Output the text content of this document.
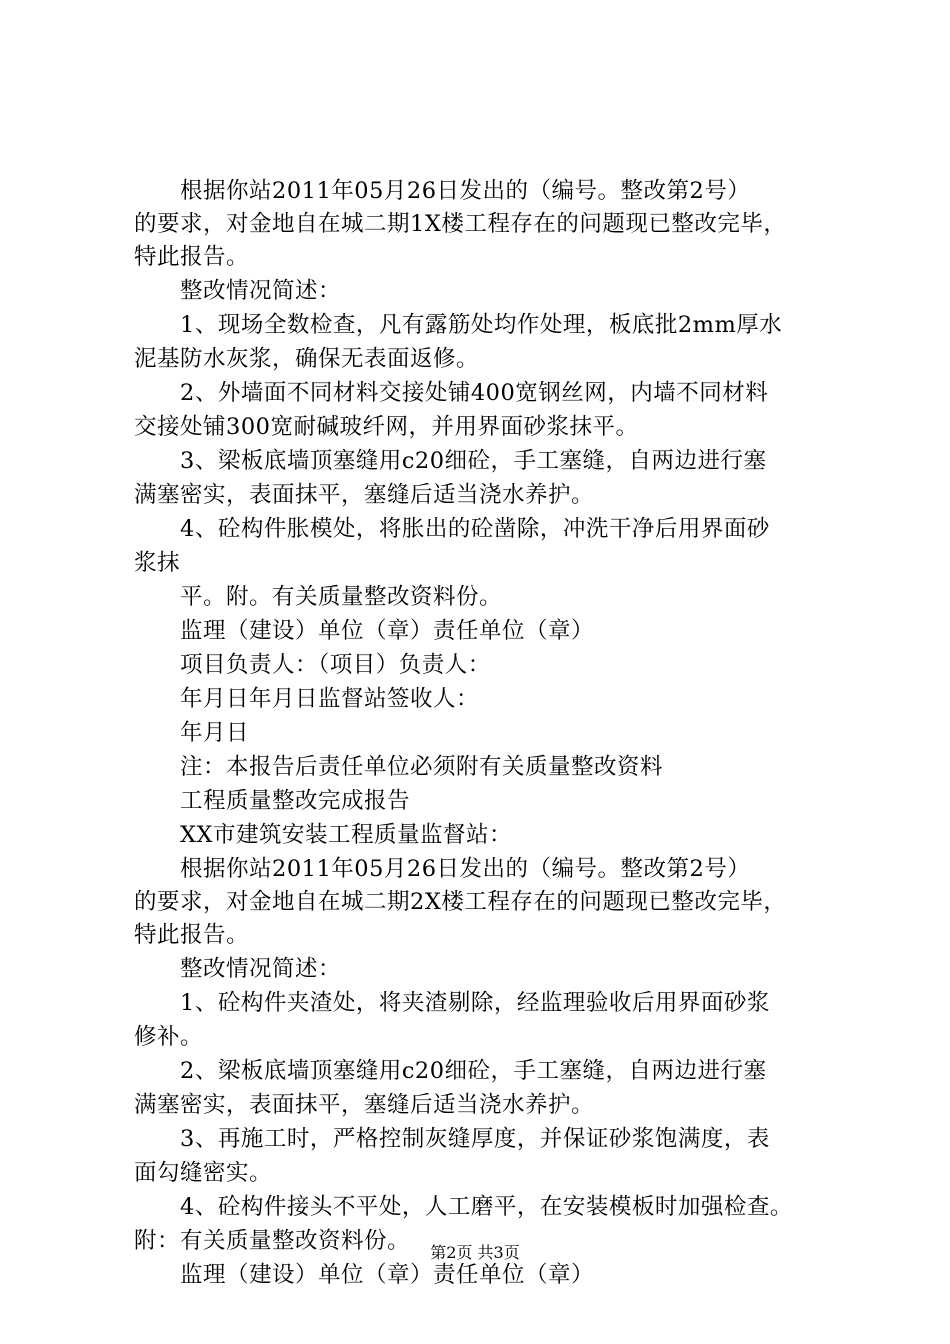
根据你站2011年05月26日发出的（编号。整改第2号）
的要求，对金地自在城二期1X楼工程存在的问题现已整改完毕，
特此报告。
整改情况简述：
1、现场全数检查，凡有露筋处均作处理，板底批2mm厚水
泥基防水灰浆，确保无表面返修。
2、外墙面不同材料交接处铺400宽钢丝网，内墙不同材料
交接处铺300宽耐碱玻纤网，并用界面砂浆抹平。
3、梁板底墙顶塞缝用c20细砼，手工塞缝，自两边进行塞
满塞密实，表面抹平，塞缝后适当浇水养护。
4、砼构件胀模处，将胀出的砼凿除，冲洗干净后用界面砂
浆抹
平。附。有关质量整改资料份。
监理（建设）单位（章）责任单位（章）
项目负责人：（项目）负责人：
年月日年月日监督站签收人：
年月日
注：本报告后责任单位必须附有关质量整改资料
工程质量整改完成报告
XX市建筑安装工程质量监督站：
根据你站2011年05月26日发出的（编号。整改第2号）
的要求，对金地自在城二期2X楼工程存在的问题现已整改完毕，
特此报告。
整改情况简述：
1、砼构件夹渣处，将夹渣剔除，经监理验收后用界面砂浆
修补。
2、梁板底墙顶塞缝用c20细砼，手工塞缝，自两边进行塞
满塞密实，表面抹平，塞缝后适当浇水养护。
3、再施工时，严格控制灰缝厚度，并保证砂浆饱满度，表
面勾缝密实。
4、砼构件接头不平处，人工磨平，在安装模板时加强检查。
附：有关质量整改资料份。
监理（建设）单位（章）责任单位（章）
第2页 共3页
